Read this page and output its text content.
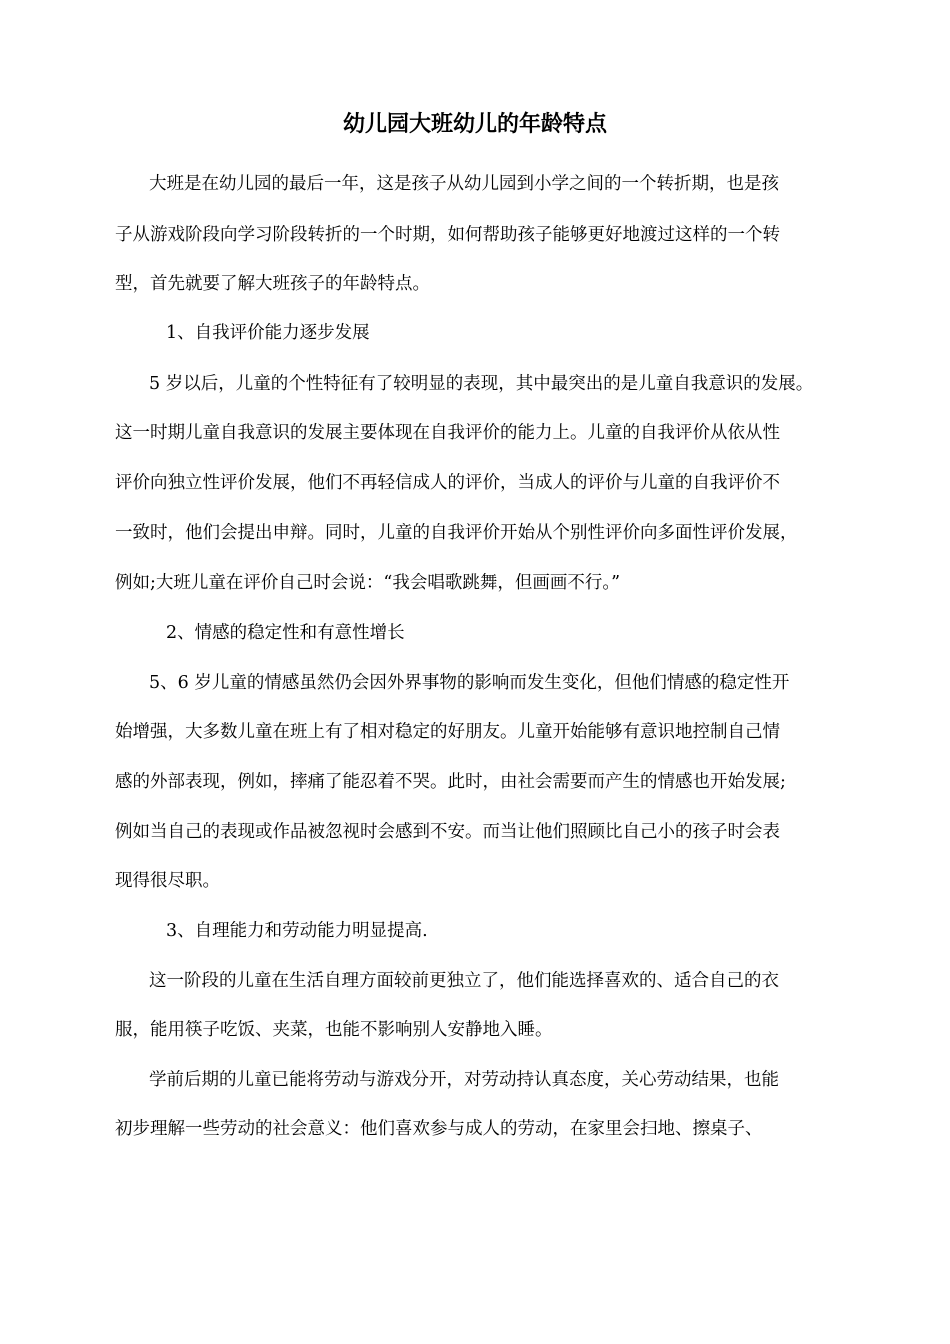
幼儿园大班幼儿的年龄特点
大班是在幼儿园的最后一年，这是孩子从幼儿园到小学之间的一个转折期，也是孩
子从游戏阶段向学习阶段转折的一个时期，如何帮助孩子能够更好地渡过这样的一个转
型，首先就要了解大班孩子的年龄特点。
1、自我评价能力逐步发展
5 岁以后，儿童的个性特征有了较明显的表现，其中最突出的是儿童自我意识的发展。
这一时期儿童自我意识的发展主要体现在自我评价的能力上。儿童的自我评价从依从性
评价向独立性评价发展，他们不再轻信成人的评价，当成人的评价与儿童的自我评价不
一致时，他们会提出申辩。同时，儿童的自我评价开始从个别性评价向多面性评价发展，
例如;大班儿童在评价自己时会说：“我会唱歌跳舞，但画画不行。”
2、情感的稳定性和有意性增长
5、6 岁儿童的情感虽然仍会因外界事物的影响而发生变化，但他们情感的稳定性开
始增强，大多数儿童在班上有了相对稳定的好朋友。儿童开始能够有意识地控制自己情
感的外部表现，例如，摔痛了能忍着不哭。此时，由社会需要而产生的情感也开始发展;
例如当自己的表现或作品被忽视时会感到不安。而当让他们照顾比自己小的孩子时会表
现得很尽职。
3、自理能力和劳动能力明显提高.
这一阶段的儿童在生活自理方面较前更独立了，他们能选择喜欢的、适合自己的衣
服，能用筷子吃饭、夹菜，也能不影响别人安静地入睡。
学前后期的儿童已能将劳动与游戏分开，对劳动持认真态度，关心劳动结果，也能
初步理解一些劳动的社会意义：他们喜欢参与成人的劳动，在家里会扫地、擦桌子、
